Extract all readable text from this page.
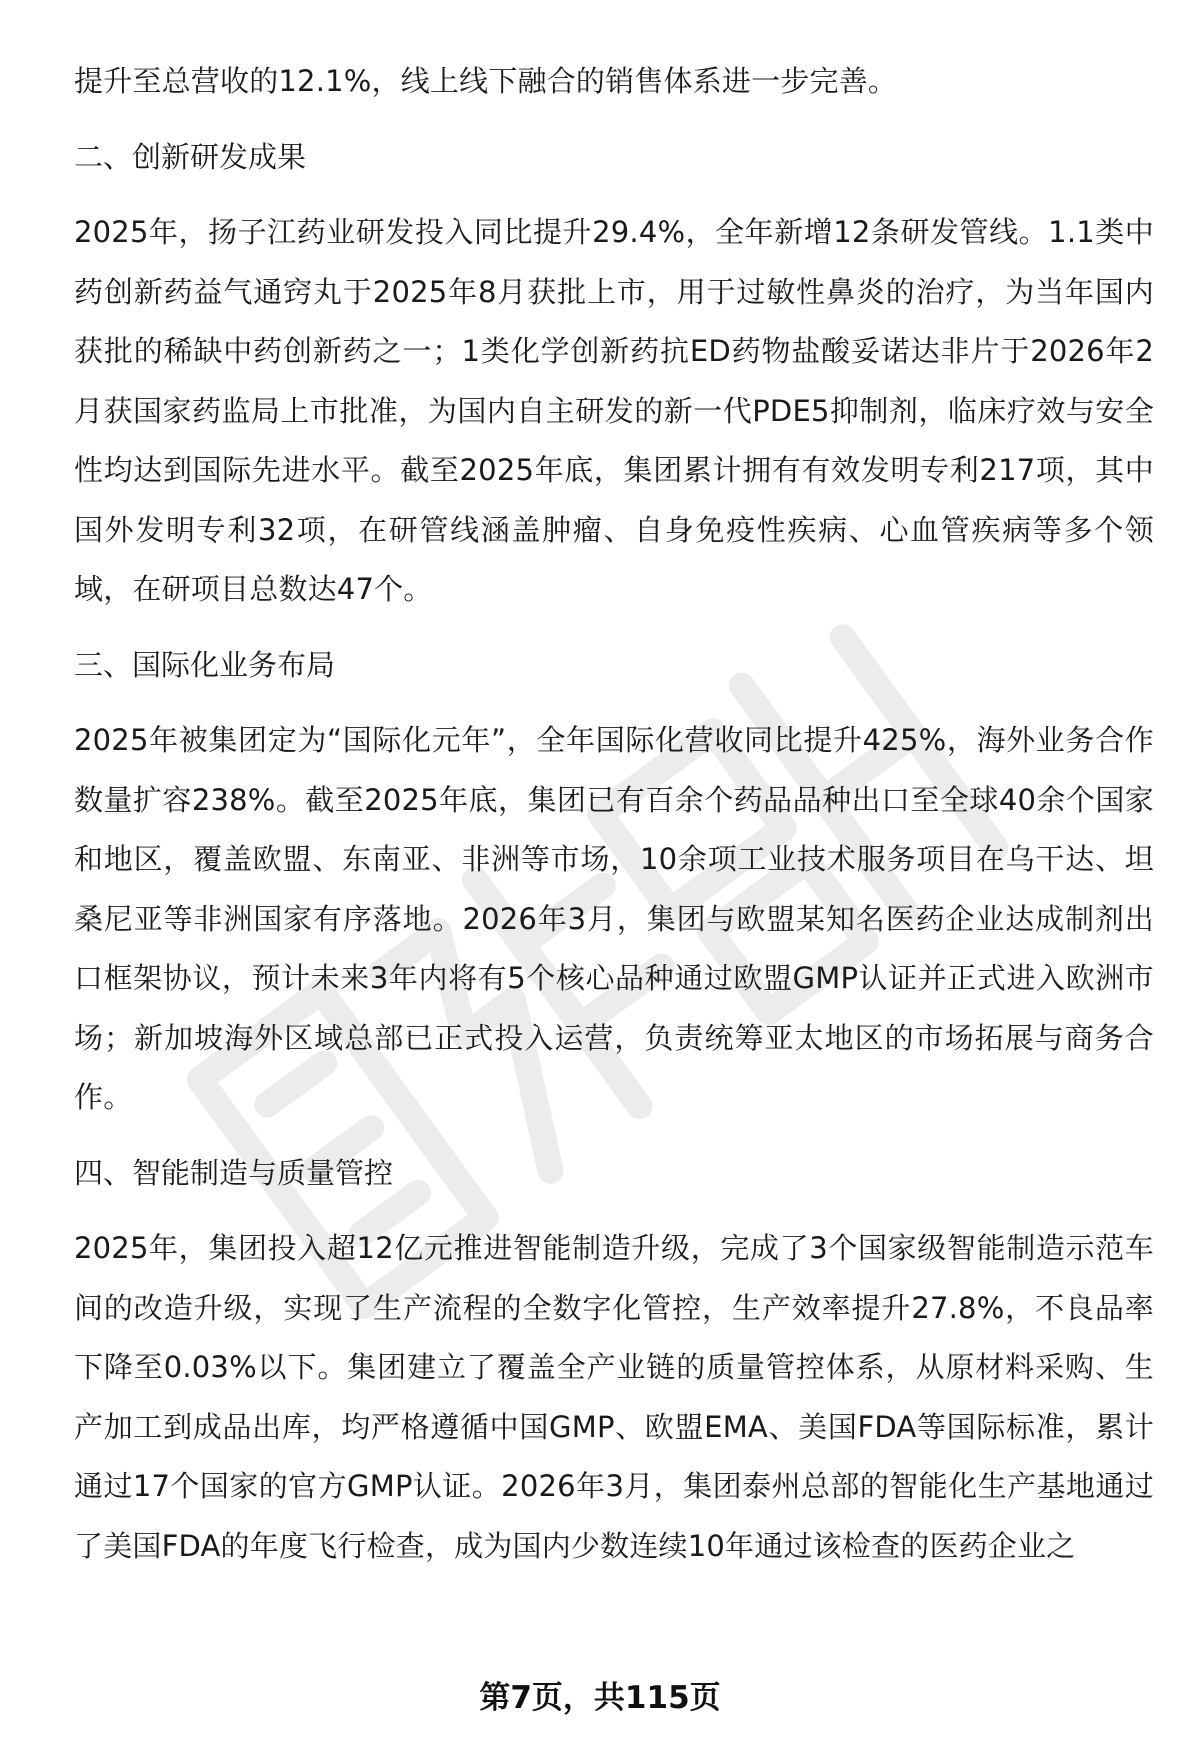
提升至总营收的12.1%，线上线下融合的销售体系进一步完善。

二、创新研发成果

2025年，扬子江药业研发投入同比提升29.4%，全年新增12条研发管线。1.1类中药创新药益气通窍丸于2025年8月获批上市，用于过敏性鼻炎的治疗，为当年国内获批的稀缺中药创新药之一；1类化学创新药抗ED药物盐酸妥诺达非片于2026年2月获国家药监局上市批准，为国内自主研发的新一代PDE5抑制剂，临床疗效与安全性均达到国际先进水平。截至2025年底，集团累计拥有有效发明专利217项，其中国外发明专利32项，在研管线涵盖肿瘤、自身免疫性疾病、心血管疾病等多个领域，在研项目总数达47个。

三、国际化业务布局

2025年被集团定为“国际化元年”，全年国际化营收同比提升425%，海外业务合作数量扩容238%。截至2025年底，集团已有百余个药品品种出口至全球40余个国家和地区，覆盖欧盟、东南亚、非洲等市场，10余项工业技术服务项目在乌干达、坦桑尼亚等非洲国家有序落地。2026年3月，集团与欧盟某知名医药企业达成制剂出口框架协议，预计未来3年内将有5个核心品种通过欧盟GMP认证并正式进入欧洲市场；新加坡海外区域总部已正式投入运营，负责统筹亚太地区的市场拓展与商务合作。

四、智能制造与质量管控

2025年，集团投入超12亿元推进智能制造升级，完成了3个国家级智能制造示范车间的改造升级，实现了生产流程的全数字化管控，生产效率提升27.8%，不良品率下降至0.03%以下。集团建立了覆盖全产业链的质量管控体系，从原材料采购、生产加工到成品出库，均严格遵循中国GMP、欧盟EMA、美国FDA等国际标准，累计通过17个国家的官方GMP认证。2026年3月，集团泰州总部的智能化生产基地通过了美国FDA的年度飞行检查，成为国内少数连续10年通过该检查的医药企业之

第7页，共115页
